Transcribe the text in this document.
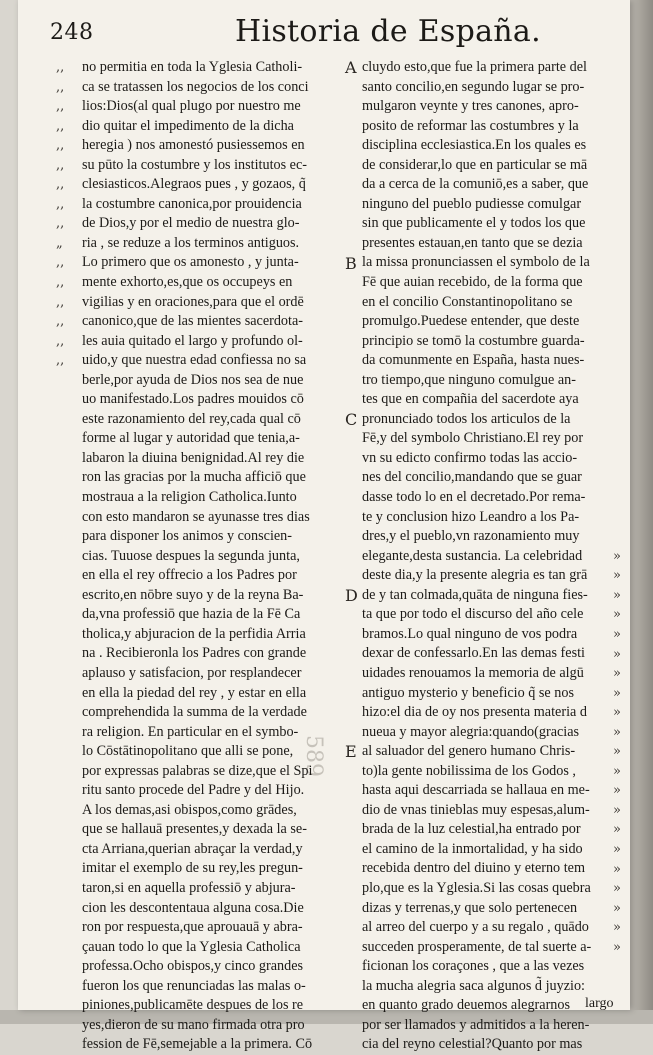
589
248	Historia de España.
,,
,,
,,
,,
,,
,,
,,
,,
,,
„
,,
,,
,,
,,
,,
,,
»
»
»
»
»
»
»
»
»
»
»
»
»
»
»
»
»
»
»
»
»
A
B
C
D
E
no permitia en toda la Yglesia Catholi-
ca se tratassen los negocios de los conci
lios:Dios(al qual plugo por nuestro me
dio quitar el impedimento de la dicha
heregia ) nos amonestó pusiessemos en
su pūto la costumbre y los institutos ec-
clesiasticos.Alegraos pues , y gozaos, q̃
la costumbre canonica,por prouidencia
de Dios,y por el medio de nuestra glo-
ria , se reduze a los terminos antiguos.
Lo primero que os amonesto , y junta-
mente exhorto,es,que os occupeys en
vigilias y en oraciones,para que el ordē
canonico,que de las mientes sacerdota-
les auia quitado el largo y profundo ol-
uido,y que nuestra edad confiessa no sa
berle,por ayuda de Dios nos sea de nue
uo manifestado.Los padres mouidos cō
este razonamiento del rey,cada qual cō
forme al lugar y autoridad que tenia,a-
labaron la diuina benignidad.Al rey die
ron las gracias por la mucha afficiō que
mostraua a la religion Catholica.Iunto
con esto mandaron se ayunasse tres dias
para disponer los animos y conscien-
cias. Tuuose despues la segunda junta,
en ella el rey offrecio a los Padres por
escrito,en nōbre suyo y de la reyna Ba-
da,vna professiō que hazia de la Fē Ca
tholica,y abjuracion de la perfidia Arria
na . Recibieronla los Padres con grande
aplauso y satisfacion, por resplandecer
en ella la piedad del rey , y estar en ella
comprehendida la summa de la verdade
ra religion. En particular en el symbo-
lo Cōstātinopolitano que alli se pone,
por expressas palabras se dize,que el Spi
ritu santo procede del Padre y del Hijo.
A los demas,asi obispos,como grādes,
que se hallauā presentes,y dexada la se-
cta Arriana,querian abraçar la verdad,y
imitar el exemplo de su rey,les pregun-
taron,si en aquella professiō y abjura-
cion les descontentaua alguna cosa.Die
ron por respuesta,que aprouauā y abra-
çauan todo lo que la Yglesia Catholica
professa.Ocho obispos,y cinco grandes
fueron los que renunciadas las malas o-
piniones,publicamēte despues de los re
yes,dieron de su mano firmada otra pro
fession de Fē,semejable a la primera. Cō
cluydo esto,que fue la primera parte del
santo concilio,en segundo lugar se pro-
mulgaron veynte y tres canones, apro-
posito de reformar las costumbres y la
disciplina ecclesiastica.En los quales es
de considerar,lo que en particular se mā
da a cerca de la comuniō,es a saber, que
ninguno del pueblo pudiesse comulgar
sin que publicamente el y todos los que
presentes estauan,en tanto que se dezia
la missa pronunciassen el symbolo de la
Fē que auian recebido, de la forma que
en el concilio Constantinopolitano se
promulgo.Puedese entender, que deste
principio se tomō la costumbre guarda-
da comunmente en España, hasta nues-
tro tiempo,que ninguno comulgue an-
tes que en compañia del sacerdote aya
pronunciado todos los articulos de la
Fē,y del symbolo Christiano.El rey por
vn su edicto confirmo todas las accio-
nes del concilio,mandando que se guar
dasse todo lo en el decretado.Por rema-
te y conclusion hizo Leandro a los Pa-
dres,y el pueblo,vn razonamiento muy
elegante,desta sustancia. La celebridad
deste dia,y la presente alegria es tan grā
de y tan colmada,quāta de ninguna fies-
ta que por todo el discurso del año cele
bramos.Lo qual ninguno de vos podra
dexar de confessarlo.En las demas festi
uidades renouamos la memoria de algū
antiguo mysterio y beneficio q̃ se nos
hizo:el dia de oy nos presenta materia d
nueua y mayor alegria:quando(gracias
al saluador del genero humano Chris-
to)la gente nobilissima de los Godos ,
hasta aqui descarriada se hallaua en me-
dio de vnas tinieblas muy espesas,alum-
brada de la luz celestial,ha entrado por
el camino de la inmortalidad, y ha sido
recebida dentro del diuino y eterno tem
plo,que es la Yglesia.Si las cosas quebra
dizas y terrenas,y que solo pertenecen
al arreo del cuerpo y a su regalo , quādo
succeden prosperamente, de tal suerte a-
ficionan los coraçones , que a las vezes
la mucha alegria saca algunos d̃ juyzio:
en quanto grado deuemos alegrarnos
por ser llamados y admitidos a la heren-
cia del reyno celestial?Quanto por mas
largo
